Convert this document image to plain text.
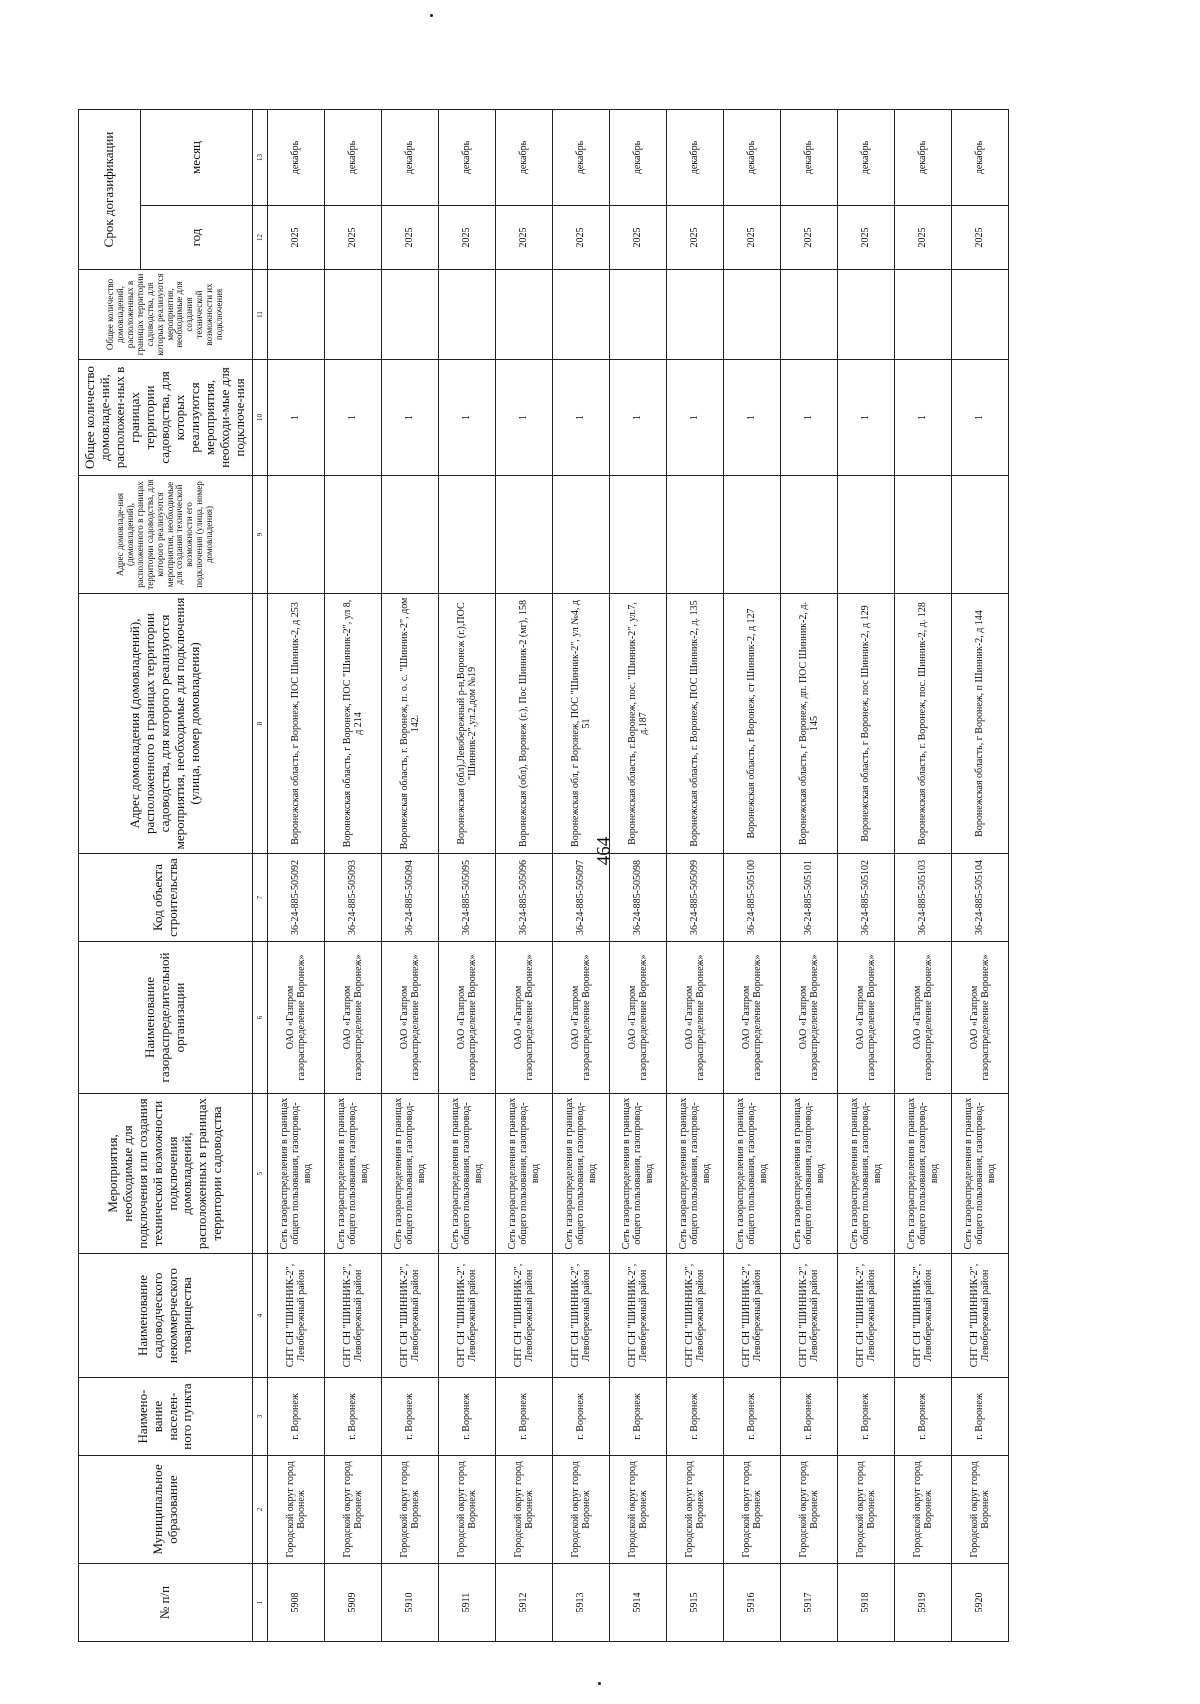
464
№ п/п	Муниципальное образование	Наимено-вание населен-ного пункта	Наименование садоводческого некоммерческого товарищества	Мероприятия, необходимые для подключения или создания технической возможности подключения домовладений, расположенных в границах территории садоводства	Наименование газораспределительной организации	Код объекта строительства	Адрес домовладения (домовладений), расположенного в границах территории садоводства, для которого реализуются мероприятия, необходимые для подключения (улица, номер домовладения)	Адрес домовладе-ния (домовладений), расположенного в границах территории садоводства, для которого реализуются мероприятия, необходимые для создания технической возможности его подключения (улица, номер домовладения)	Общее количество домовладе-ний, расположен-ных в границах территории садоводства, для которых реализуются мероприятия, необходи-мые для подключе-ния	Общее количество домовладений, расположенных в границах территории садоводства, для которых реализуются мероприятия, необходимые для создания технической возможности их подключения	Срок догазификации	
											год	месяц
1	2	3	4	5	6	7	8	9	10	11	12	13
5908	Городской округ город Воронеж	г. Воронеж	СНТ СН "ШИННИК-2", Левобережный район	Сеть газораспределения в границах общего пользования, газопровод-ввод	ОАО «Газпром газораспределение Воронеж»	36-24-885-505092	Воронежская область, г Воронеж, ПОС Шинник-2, д 253		1		2025	декабрь
5909	Городской округ город Воронеж	г. Воронеж	СНТ СН "ШИННИК-2", Левобережный район	Сеть газораспределения в границах общего пользования, газопровод-ввод	ОАО «Газпром газораспределение Воронеж»	36-24-885-505093	Воронежская область, г Воронеж, ПОС "Шинник-2", ул 8, д 214		1		2025	декабрь
5910	Городской округ город Воронеж	г. Воронеж	СНТ СН "ШИННИК-2", Левобережный район	Сеть газораспределения в границах общего пользования, газопровод-ввод	ОАО «Газпром газораспределение Воронеж»	36-24-885-505094	Воронежская область, г. Воронеж, п. о. с. "Шинник-2", дом 142.		1		2025	декабрь
5911	Городской округ город Воронеж	г. Воронеж	СНТ СН "ШИННИК-2", Левобережный район	Сеть газораспределения в границах общего пользования, газопровод-ввод	ОАО «Газпром газораспределение Воронеж»	36-24-885-505095	Воронежская (обл),Левобережный р-н,Воронеж (г.),ПОС "Шинник-2",ул.2,дом №19		1		2025	декабрь
5912	Городской округ город Воронеж	г. Воронеж	СНТ СН "ШИННИК-2", Левобережный район	Сеть газораспределения в границах общего пользования, газопровод-ввод	ОАО «Газпром газораспределение Воронеж»	36-24-885-505096	Воронежская (обл), Воронеж (г.), Пос Шинник-2 (мг), 158		1		2025	декабрь
5913	Городской округ город Воронеж	г. Воронеж	СНТ СН "ШИННИК-2", Левобережный район	Сеть газораспределения в границах общего пользования, газопровод-ввод	ОАО «Газпром газораспределение Воронеж»	36-24-885-505097	Воронежская обл, г Воронеж, ПОС "Шинник-2", ул №4, д 51		1		2025	декабрь
5914	Городской округ город Воронеж	г. Воронеж	СНТ СН "ШИННИК-2", Левобережный район	Сеть газораспределения в границах общего пользования, газопровод-ввод	ОАО «Газпром газораспределение Воронеж»	36-24-885-505098	Воронежская область, г.Воронеж, пос. "Шинник-2", ул.7, д.187		1		2025	декабрь
5915	Городской округ город Воронеж	г. Воронеж	СНТ СН "ШИННИК-2", Левобережный район	Сеть газораспределения в границах общего пользования, газопровод-ввод	ОАО «Газпром газораспределение Воронеж»	36-24-885-505099	Воронежская область, г. Воронеж, ПОС Шинник-2, д. 135		1		2025	декабрь
5916	Городской округ город Воронеж	г. Воронеж	СНТ СН "ШИННИК-2", Левобережный район	Сеть газораспределения в границах общего пользования, газопровод-ввод	ОАО «Газпром газораспределение Воронеж»	36-24-885-505100	Воронежская область, г Воронеж, ст Шинник-2, д 127		1		2025	декабрь
5917	Городской округ город Воронеж	г. Воронеж	СНТ СН "ШИННИК-2", Левобережный район	Сеть газораспределения в границах общего пользования, газопровод-ввод	ОАО «Газпром газораспределение Воронеж»	36-24-885-505101	Воронежская область, г Воронеж, дп. ПОС Шинник-2, д. 145		1		2025	декабрь
5918	Городской округ город Воронеж	г. Воронеж	СНТ СН "ШИННИК-2", Левобережный район	Сеть газораспределения в границах общего пользования, газопровод-ввод	ОАО «Газпром газораспределение Воронеж»	36-24-885-505102	Воронежская область, г Воронеж, пос Шинник-2, д 129		1		2025	декабрь
5919	Городской округ город Воронеж	г. Воронеж	СНТ СН "ШИННИК-2", Левобережный район	Сеть газораспределения в границах общего пользования, газопровод-ввод	ОАО «Газпром газораспределение Воронеж»	36-24-885-505103	Воронежская область, г. Воронеж, пос. Шинник-2, д. 128		1		2025	декабрь
5920	Городской округ город Воронеж	г. Воронеж	СНТ СН "ШИННИК-2", Левобережный район	Сеть газораспределения в границах общего пользования, газопровод-ввод	ОАО «Газпром газораспределение Воронеж»	36-24-885-505104	Воронежская область, г Воронеж, п Шинник-2, д 144		1		2025	декабрь
